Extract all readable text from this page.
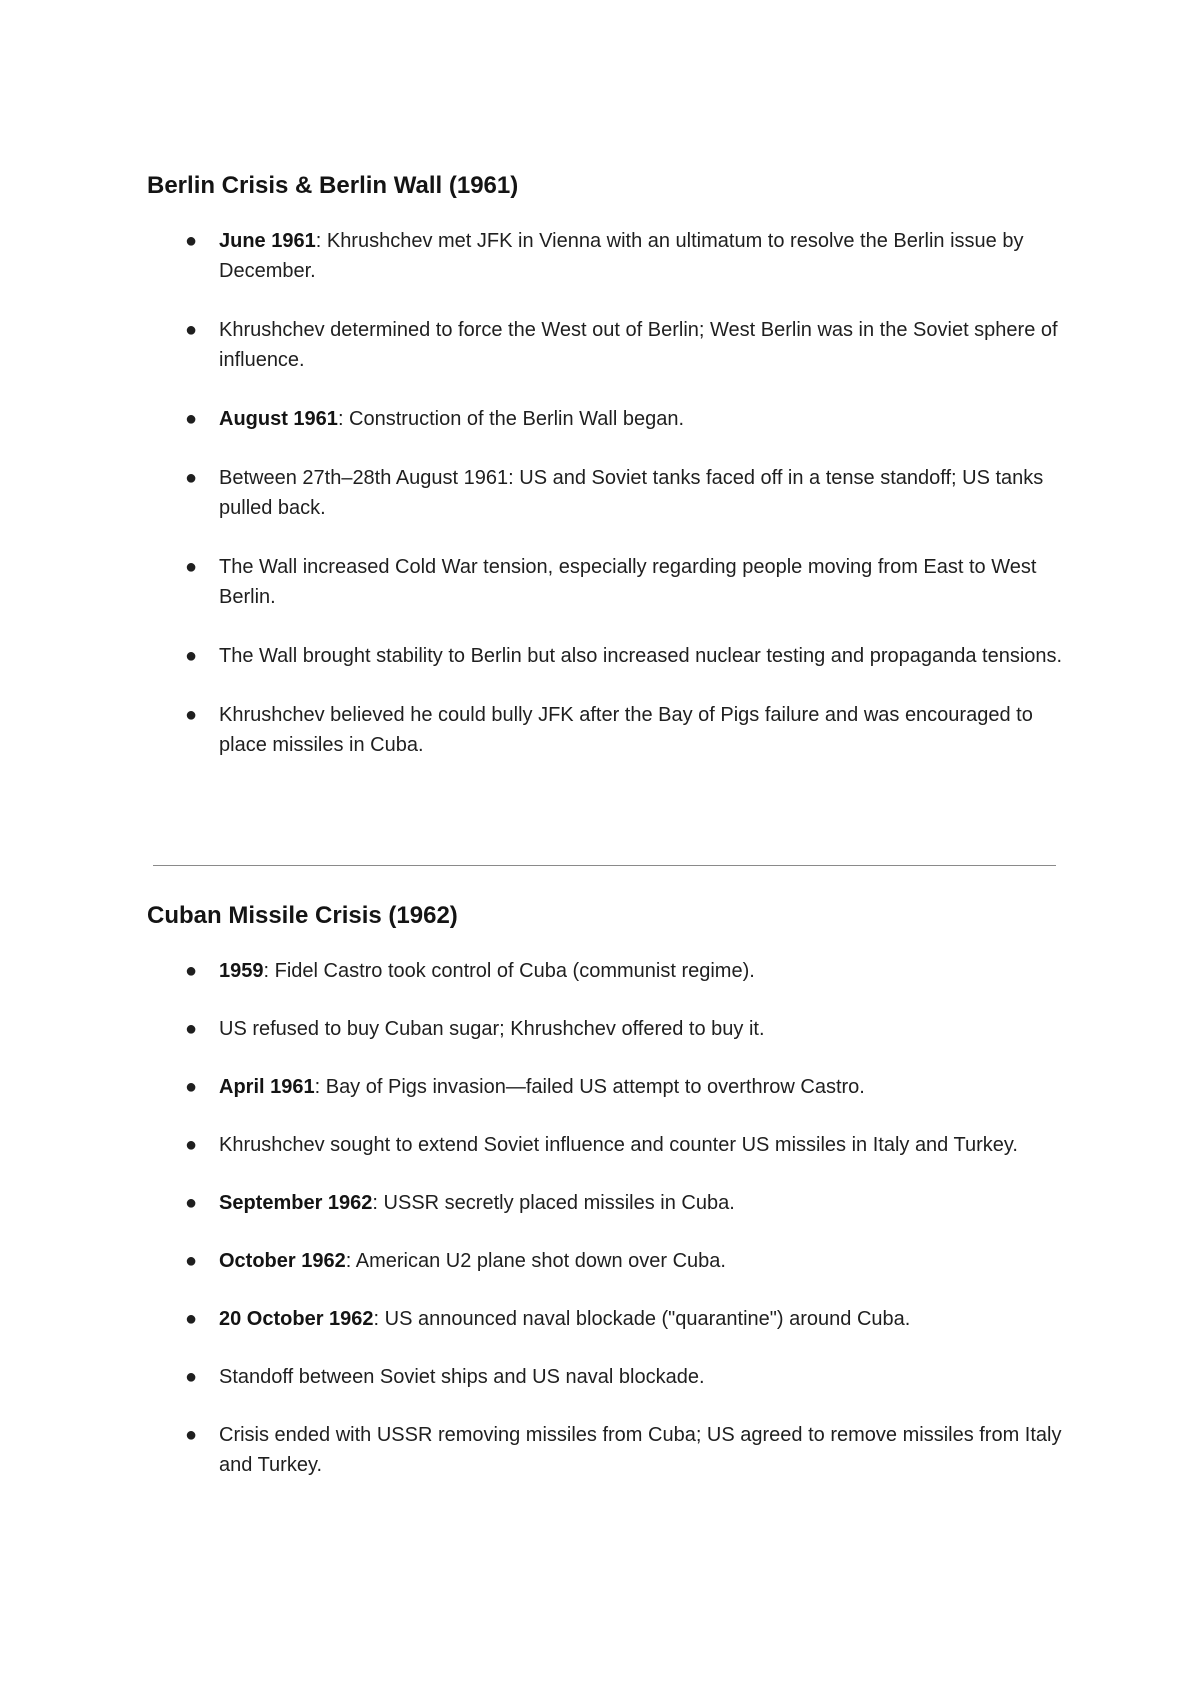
Berlin Crisis & Berlin Wall (1961)
● June 1961: Khrushchev met JFK in Vienna with an ultimatum to resolve the Berlin issue by December.
● Khrushchev determined to force the West out of Berlin; West Berlin was in the Soviet sphere of influence.
● August 1961: Construction of the Berlin Wall began.
● Between 27th–28th August 1961: US and Soviet tanks faced off in a tense standoff; US tanks pulled back.
● The Wall increased Cold War tension, especially regarding people moving from East to West Berlin.
● The Wall brought stability to Berlin but also increased nuclear testing and propaganda tensions.
● Khrushchev believed he could bully JFK after the Bay of Pigs failure and was encouraged to place missiles in Cuba.
Cuban Missile Crisis (1962)
● 1959: Fidel Castro took control of Cuba (communist regime).
● US refused to buy Cuban sugar; Khrushchev offered to buy it.
● April 1961: Bay of Pigs invasion—failed US attempt to overthrow Castro.
● Khrushchev sought to extend Soviet influence and counter US missiles in Italy and Turkey.
● September 1962: USSR secretly placed missiles in Cuba.
● October 1962: American U2 plane shot down over Cuba.
● 20 October 1962: US announced naval blockade ("quarantine") around Cuba.
● Standoff between Soviet ships and US naval blockade.
● Crisis ended with USSR removing missiles from Cuba; US agreed to remove missiles from Italy and Turkey.
